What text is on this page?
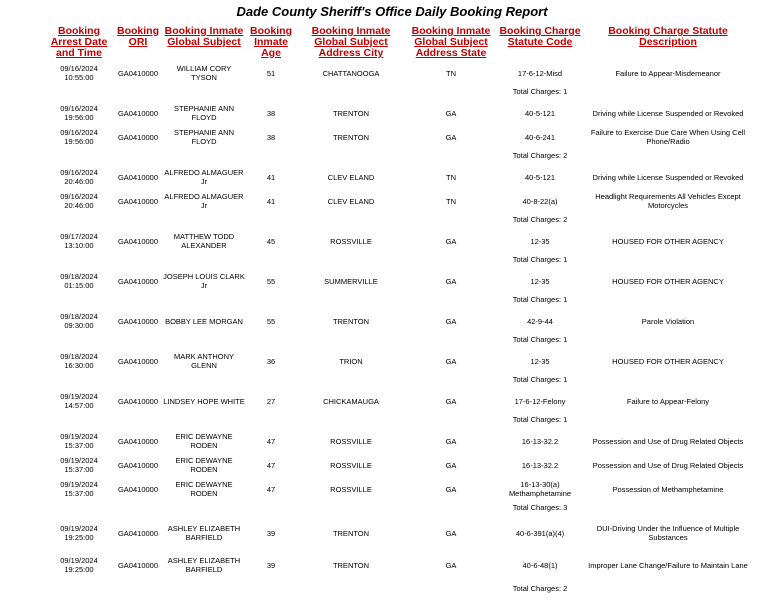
Dade County Sheriff's Office Daily Booking Report
Booking Arrest Date and Time
Booking ORI
Booking Inmate Global Subject
Booking Inmate Age
Booking Inmate Global Subject Address City
Booking Inmate Global Subject Address State
Booking Charge Statute Code
Booking Charge Statute Description
09/16/2024
10:55:00	GA0410000	WILLIAM CORY TYSON	51	CHATTANOOGA	TN	17-6-12-Misd	Failure to Appear-Misdemeanor
Total Charges: 1
09/16/2024
19:56:00	GA0410000	STEPHANIE ANN FLOYD	38	TRENTON	GA	40-5-121	Driving while License Suspended or Revoked
09/16/2024
19:56:00	GA0410000	STEPHANIE ANN FLOYD	38	TRENTON	GA	40-6-241	Failure to Exercise Due Care When Using Cell Phone/Radio
Total Charges: 2
09/16/2024
20:46:00	GA0410000 ALFREDO ALMAGUER Jr	41	CLEV ELAND	TN	40-5-121	Driving while License Suspended or Revoked
09/16/2024
20:46:00	GA0410000 ALFREDO ALMAGUER Jr	41	CLEV ELAND	TN	40-8-22(a)	Headlight Requirements All Vehicles Except Motorcycles
Total Charges: 2
09/17/2024
13:10:00	GA0410000	MATTHEW TODD ALEXANDER	45	ROSSVILLE	GA	12-35	HOUSED FOR OTHER AGENCY
Total Charges: 1
09/18/2024
01:15:00	GA0410000 JOSEPH LOUIS CLARK Jr	55	SUMMERVILLE	GA	12-35	HOUSED FOR OTHER AGENCY
Total Charges: 1
09/18/2024
09:30:00	GA0410000 BOBBY LEE MORGAN	55	TRENTON	GA	42-9-44	Parole Violation
Total Charges: 1
09/18/2024
16:30:00	GA0410000	MARK ANTHONY GLENN	36	TRION	GA	12-35	HOUSED FOR OTHER AGENCY
Total Charges: 1
09/19/2024
14:57:00	GA0410000 LINDSEY HOPE WHITE	27	CHICKAMAUGA	GA	17-6-12-Felony	Failure to Appear-Felony
Total Charges: 1
09/19/2024
15:37:00	GA0410000	ERIC DEWAYNE RODEN	47	ROSSVILLE	GA	16-13-32.2	Possession and Use of Drug Related Objects
09/19/2024
15:37:00	GA0410000	ERIC DEWAYNE RODEN	47	ROSSVILLE	GA	16-13-32.2	Possession and Use of Drug Related Objects
09/19/2024
15:37:00	GA0410000	ERIC DEWAYNE RODEN	47	ROSSVILLE	GA	16-13-30(a) Methamphetamine	Possession of Methamphetamine
Total Charges: 3
09/19/2024
19:25:00	GA0410000	ASHLEY ELIZABETH BARFIELD	39	TRENTON	GA	40-6-391(a)(4)	DUI-Driving Under the Influence of Multiple Substances
09/19/2024
19:25:00	GA0410000	ASHLEY ELIZABETH BARFIELD	39	TRENTON	GA	40-6-48(1)	Improper Lane Change/Failure to Maintain Lane
Total Charges: 2
